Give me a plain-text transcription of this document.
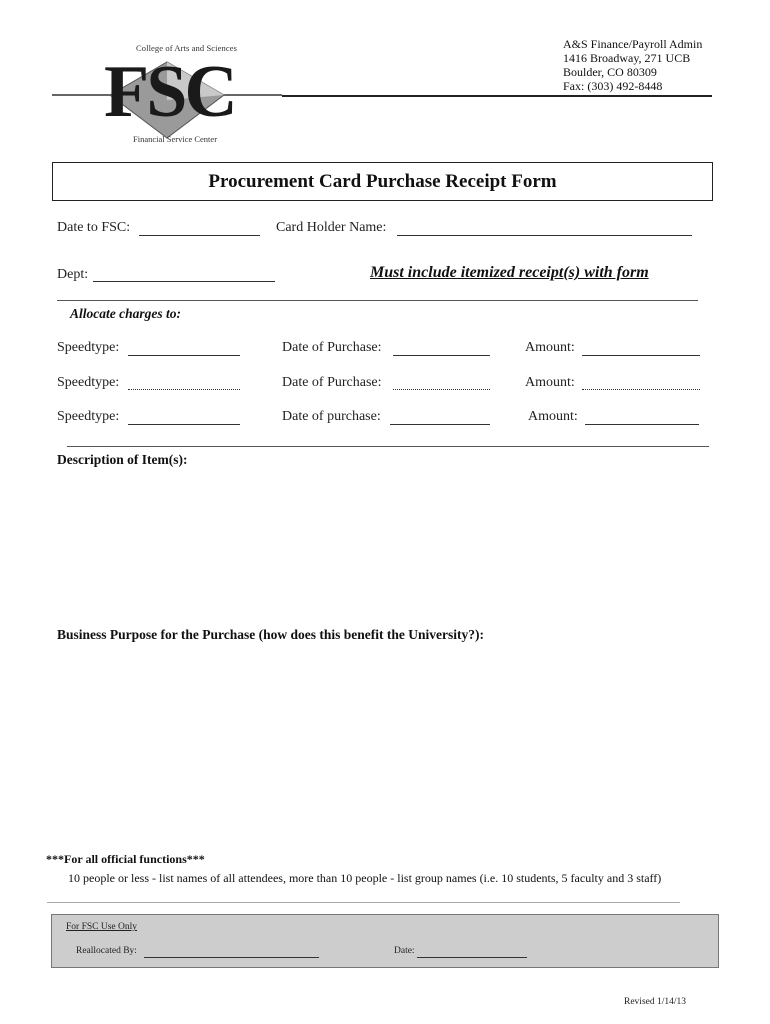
College of Arts and Sciences
FSC
Financial Service Center
A&S Finance/Payroll Admin
1416 Broadway, 271 UCB
Boulder, CO 80309
Fax: (303) 492-8448
Procurement Card Purchase Receipt Form
Date to FSC:	Card Holder Name:
Dept:	Must include itemized receipt(s) with form
Allocate charges to:
Speedtype:	Date of Purchase:	Amount:
Speedtype:	Date of Purchase:	Amount:
Speedtype:	Date of purchase:	Amount:
Description of Item(s):
Business Purpose for the Purchase (how does this benefit the University?):
***For all official functions***
10 people or less - list names of all attendees, more than 10 people - list group names (i.e. 10 students, 5 faculty and 3 staff)
For FSC Use Only
Reallocated By:	Date:
Revised 1/14/13
